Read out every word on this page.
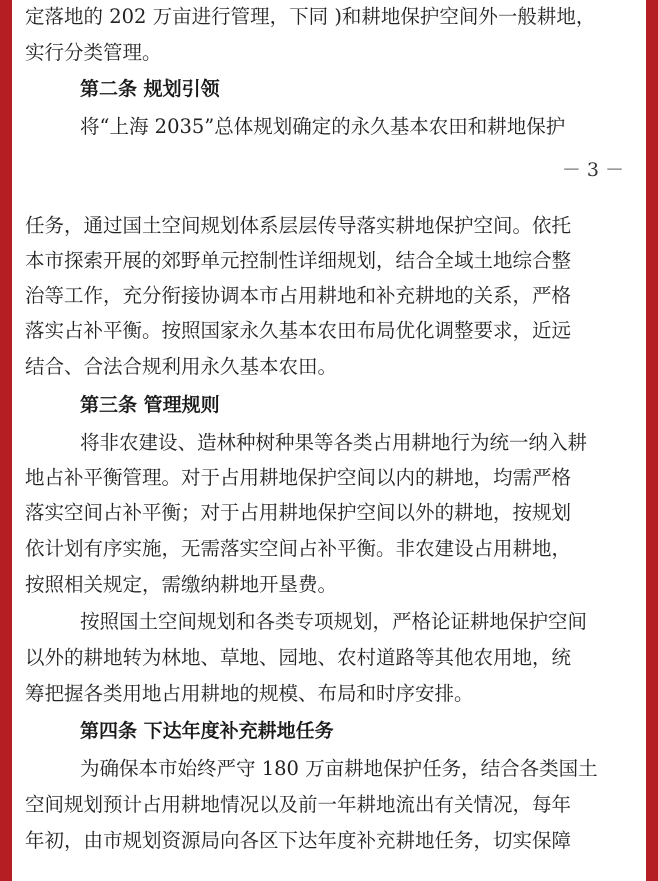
定落地的 202 万亩进行管理，下同 )和耕地保护空间外一般耕地，
实行分类管理。
第二条 规划引领
将“上海 2035”总体规划确定的永久基本农田和耕地保护
－ 3 －
任务，通过国土空间规划体系层层传导落实耕地保护空间。依托
本市探索开展的郊野单元控制性详细规划，结合全域土地综合整
治等工作，充分衔接协调本市占用耕地和补充耕地的关系，严格
落实占补平衡。按照国家永久基本农田布局优化调整要求，近远
结合、合法合规利用永久基本农田。
第三条 管理规则
将非农建设、造林种树种果等各类占用耕地行为统一纳入耕
地占补平衡管理。对于占用耕地保护空间以内的耕地，均需严格
落实空间占补平衡；对于占用耕地保护空间以外的耕地，按规划
依计划有序实施，无需落实空间占补平衡。非农建设占用耕地，
按照相关规定，需缴纳耕地开垦费。
按照国土空间规划和各类专项规划，严格论证耕地保护空间
以外的耕地转为林地、草地、园地、农村道路等其他农用地，统
筹把握各类用地占用耕地的规模、布局和时序安排。
第四条 下达年度补充耕地任务
为确保本市始终严守 180 万亩耕地保护任务，结合各类国土
空间规划预计占用耕地情况以及前一年耕地流出有关情况，每年
年初，由市规划资源局向各区下达年度补充耕地任务，切实保障
